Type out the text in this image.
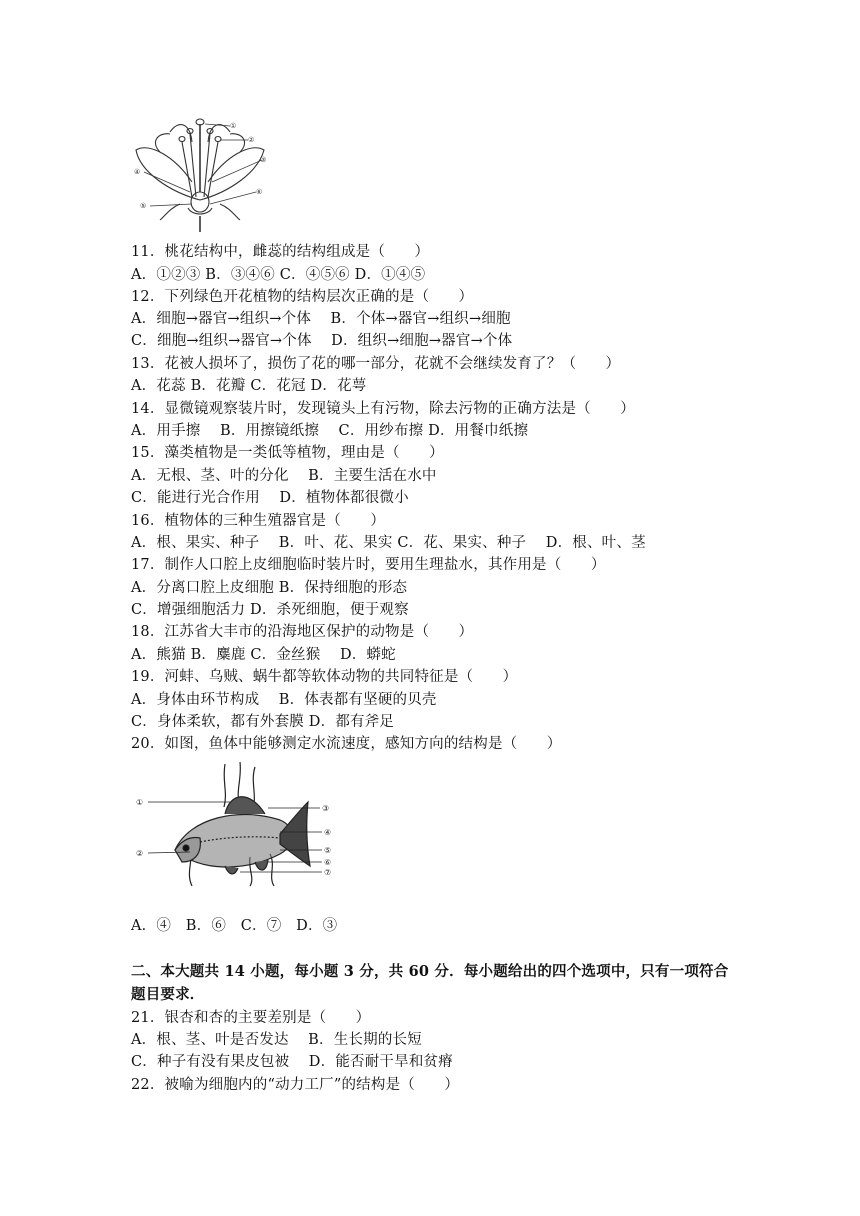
①
②
③
④
⑤
⑥
①
②
③
④
⑤
⑥
⑦
11．桃花结构中，雌蕊的结构组成是（　　）
A．①②③ B．③④⑥ C．④⑤⑥ D．①④⑤
12．下列绿色开花植物的结构层次正确的是（　　）
A．细胞→器官→组织→个体　 B．个体→器官→组织→细胞
C．细胞→组织→器官→个体　 D．组织→细胞→器官→个体
13．花被人损坏了，损伤了花的哪一部分，花就不会继续发育了？（　　）
A．花蕊 B．花瓣 C．花冠 D．花萼
14．显微镜观察装片时，发现镜头上有污物，除去污物的正确方法是（　　）
A．用手擦　 B．用擦镜纸擦　 C．用纱布擦 D．用餐巾纸擦
15．藻类植物是一类低等植物，理由是（　　）
A．无根、茎、叶的分化　 B．主要生活在水中
C．能进行光合作用　 D．植物体都很微小
16．植物体的三种生殖器官是（　　）
A．根、果实、种子　 B．叶、花、果实 C．花、果实、种子　 D．根、叶、茎
17．制作人口腔上皮细胞临时装片时，要用生理盐水，其作用是（　　）
A．分离口腔上皮细胞 B．保持细胞的形态
C．增强细胞活力 D．杀死细胞，便于观察
18．江苏省大丰市的沿海地区保护的动物是（　　）
A．熊猫 B．麋鹿 C．金丝猴　 D．蟒蛇
19．河蚌、乌贼、蜗牛都等软体动物的共同特征是（　　）
A．身体由环节构成　 B．体表都有坚硬的贝壳
C．身体柔软，都有外套膜 D．都有斧足
20．如图，鱼体中能够测定水流速度，感知方向的结构是（　　）
A．④　B．⑥　C．⑦　D．③
二、本大题共 14 小题，每小题 3 分，共 60 分．每小题给出的四个选项中，只有一项符合
题目要求．
21．银杏和杏的主要差别是（　　）
A．根、茎、叶是否发达　 B．生长期的长短
C．种子有没有果皮包被　 D．能否耐干旱和贫瘠
22．被喻为细胞内的“动力工厂”的结构是（　　）
